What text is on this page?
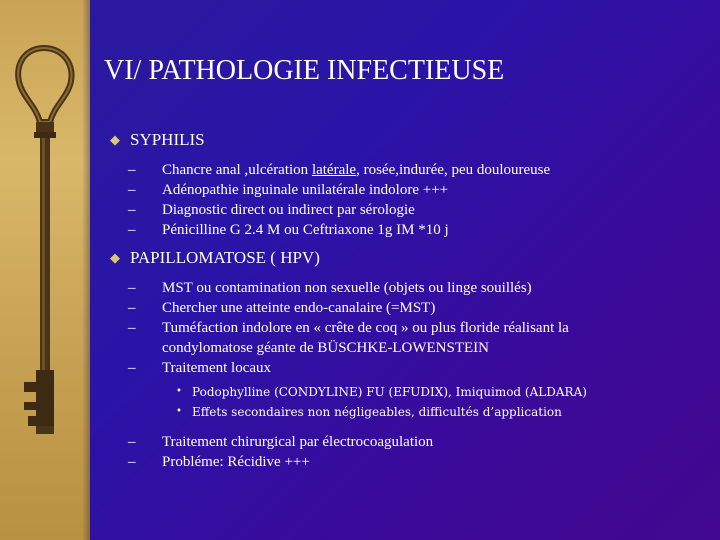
VI/ PATHOLOGIE INFECTIEUSE
◆ SYPHILIS
– Chancre anal ,ulcération latérale, rosée,indurée, peu douloureuse
– Adénopathie inguinale unilatérale indolore +++
– Diagnostic direct ou indirect par sérologie
– Pénicilline G 2.4 M ou Ceftriaxone 1g IM *10 j
◆ PAPILLOMATOSE ( HPV)
– MST ou contamination non sexuelle (objets ou linge souillés)
– Chercher une atteinte endo-canalaire (=MST)
– Tuméfaction indolore en « crête de coq » ou plus floride réalisant la condylomatose géante de BÜSCHKE-LOWENSTEIN
– Traitement locaux
• Podophylline (CONDYLINE) FU (EFUDIX), Imiquimod (ALDARA)
• Effets secondaires non négligeables, difficultés d’application
– Traitement chirurgical par électrocoagulation
– Probléme: Récidive +++
